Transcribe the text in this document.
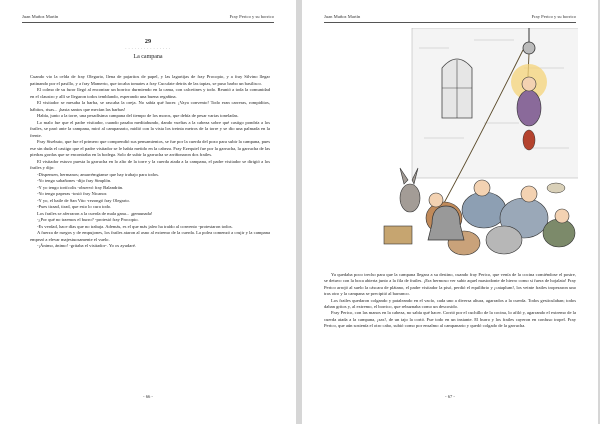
Juan Muñoz Martín	Fray Perico y su borrico
29
· · · · · · · · · · · · · · ·
La campana

Cuando vio la celda de fray Olegario, llena de pajaritos de papel, y las lagartijas de fray Procopio, y a fray Silvino llegar patinando por el pasillo, y a fray Mamerto, que tocaba tomates a fray Cucufate detrás de las tapias, se puso barbo un basilisco.

El colmo de su furor llegó al encontrar un borrico durmiendo en la cama, con calcetines y todo. Reunió a toda la comunidad en el claustro y allí se llegaron todos temblando, esperando una buena regañina.

El visitador se mesaba la barba, se rascaba la oreja. No sabía qué hacer. ¡Vaya convento! Todo eran carreras, rompiditos, hábitos, risas... ¡hasta santos que mecían las barbas!

Había, junto a la torre, una pesadísima campana del tiempo de los moros, que debía de pesar varias toneladas.

Lo malo fue que el padre visitador, cuando pasaba meditabundo, dando vueltas a la cabeza sobre qué castigo pondría a los frailes, se paró ante la campana, miró al campanario, midió con la vista los treinta metros de la torre y se dio una palmada en la frente.

Fray Sisebuto, que fue el primero que comprendió sus pensamientos, se fue por la cuerda del pozo para subir la campana, pues ese sin duda el castigo que el padre visitador se le había metido en la cabeza. Fray Ezequiel fue por la garrucha, la garrucha de las piedras gordas que se encontraba en la bodega. Solo de subir la garrucha se arriñonaron dos frailes.

El visitador estuvo puesta la garrucha en lo alto de la torre y la cuerda atada a la campana, el padre visitador se dirigió a los frailes y dijo:

-Dispensen, hermanos; amarrémgianse que hay trabajo para todos.

-Yo tengo sabañones -dijo fray Simplón.

-Y yo tengo tortícolis -observó fray Balandrán.

-Yo tengo paperas -tosió fray Nicanor.

-Y yo, el baile de San Vito -rezongó fray Olegario.

-Pues tiraad, tirad, que esto lo cura todo.

Los frailes se aferraron a la cuerda de mala gana... ¡gemunada!

-¿Por qué no traemos el burro? -protestó fray Procopio.

-Es verdad, hace días que no trabaja. Además, es el que más jaleo ha traído al convento -protestaron todos.

A fuerza de ruegos y de empujones, los frailes ataron al asno al extremo de la cuerda. La polea comenzó a crujir y la campana empezó a elevar majestuosamente el vuelo.

-¡Ánimo, ánimo! -gritaba el visitador-. Yo os ayudaré.

- 66 -
Juan Muñoz Martín	Fray Perico y su borrico

Ya quedaba poco trecho para que la campana llegara a su destino, cuando fray Perico, que venía de la cocina comiéndose el postre, se detuvo con la boca abierta junto a la fila de frailes. ¡Era hermoso ver subir aquel mastodonte de hierro como si fuera de hojalata! Fray Perico arrojó al suelo la cáscara de plátano, el padre visitador la pisó, perdió el equilibrio y ¡cataplum!, los veinte frailes tropezaron uno tras otro y la campana se precipitó al barranco.

Los frailes quedaron colgando y pataleando en el vacío, cada uno a diversa altura, agarrados a la cuerda. Todos gesticulaban; todos daban gritos y, al extremo, el borrico, que rebuznaba como un descosido.

Fray Perico, con las manos en la cabeza, no sabía qué hacer. Corrió por el cuchillo de la cocina, lo afiló y, agarrando el extremo de la cuerda atada a la campana, ¡zas!, de un tajo la cortó. Fue todo en un instante. El burro y los frailes cayeron en confuso tropel. Fray Perico, que aún sostenía el otro cabo, subió como por ensalmo al campanario y quedó colgado de la garrucha.

- 67 -
